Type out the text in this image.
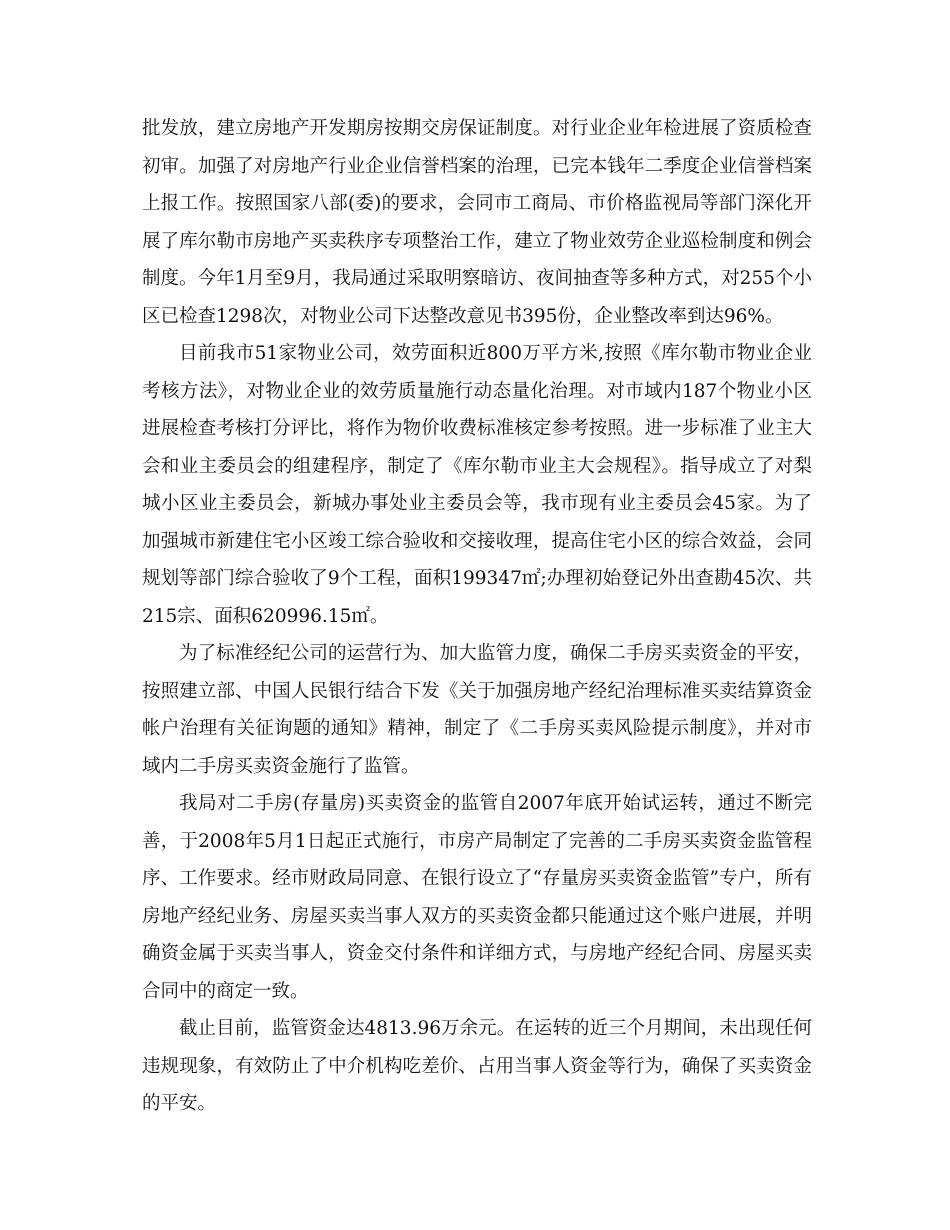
批发放，建立房地产开发期房按期交房保证制度。对行业企业年检进展了资质检查初审。加强了对房地产行业企业信誉档案的治理，已完本钱年二季度企业信誉档案上报工作。按照国家八部(委)的要求，会同市工商局、市价格监视局等部门深化开展了库尔勒市房地产买卖秩序专项整治工作，建立了物业效劳企业巡检制度和例会制度。今年1月至9月，我局通过采取明察暗访、夜间抽查等多种方式，对255个小区已检查1298次，对物业公司下达整改意见书395份，企业整改率到达96%。

目前我市51家物业公司，效劳面积近800万平方米,按照《库尔勒市物业企业考核方法》，对物业企业的效劳质量施行动态量化治理。对市域内187个物业小区进展检查考核打分评比，将作为物价收费标准核定参考按照。进一步标准了业主大会和业主委员会的组建程序，制定了《库尔勒市业主大会规程》。指导成立了对梨城小区业主委员会，新城办事处业主委员会等，我市现有业主委员会45家。为了加强城市新建住宅小区竣工综合验收和交接收理，提高住宅小区的综合效益，会同规划等部门综合验收了9个工程，面积199347㎡;办理初始登记外出查勘45次、共215宗、面积620996.15㎡。

为了标准经纪公司的运营行为、加大监管力度，确保二手房买卖资金的平安，按照建立部、中国人民银行结合下发《关于加强房地产经纪治理标准买卖结算资金帐户治理有关征询题的通知》精神，制定了《二手房买卖风险提示制度》，并对市域内二手房买卖资金施行了监管。

我局对二手房(存量房)买卖资金的监管自2007年底开始试运转，通过不断完善，于2008年5月1日起正式施行，市房产局制定了完善的二手房买卖资金监管程序、工作要求。经市财政局同意、在银行设立了“存量房买卖资金监管”专户，所有房地产经纪业务、房屋买卖当事人双方的买卖资金都只能通过这个账户进展，并明确资金属于买卖当事人，资金交付条件和详细方式，与房地产经纪合同、房屋买卖合同中的商定一致。

截止目前，监管资金达4813.96万余元。在运转的近三个月期间，未出现任何违规现象，有效防止了中介机构吃差价、占用当事人资金等行为，确保了买卖资金的平安。
